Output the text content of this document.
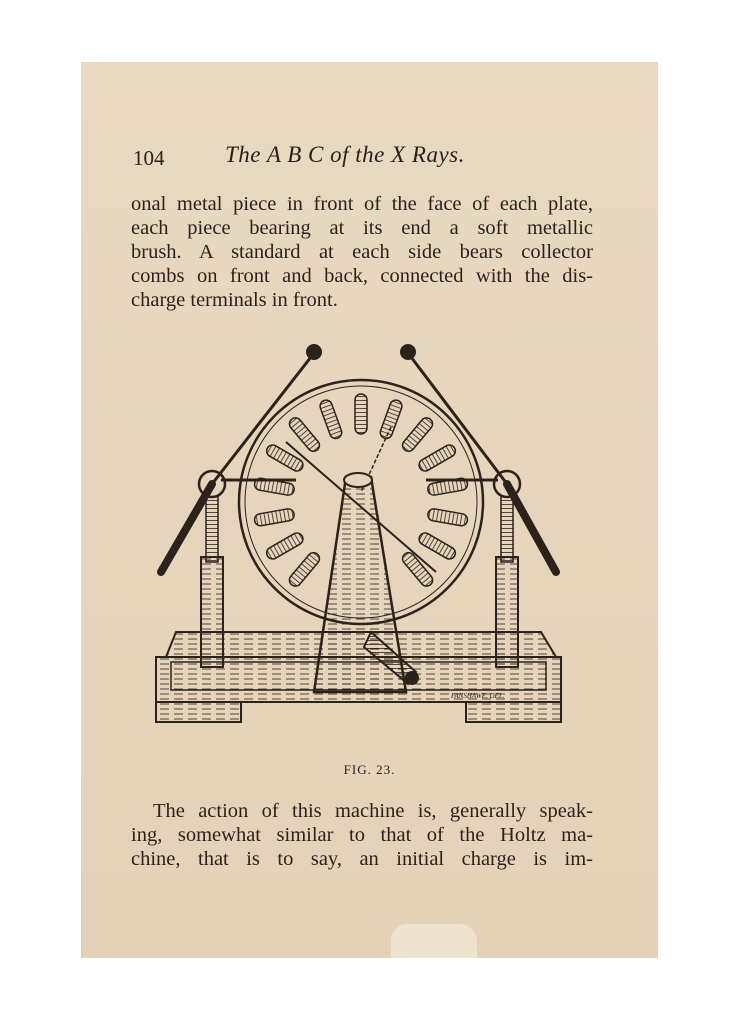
104	The A B C of the X Rays.
onal metal piece in front of the face of each plate,
each piece bearing at its end a soft metallic
brush. A standard at each side bears collector
combs on front and back, connected with the dis-
charge terminals in front.
FANSHAWE, DEL.
FIG. 23.
The action of this machine is, generally speak-
ing, somewhat similar to that of the Holtz ma-
chine, that is to say, an initial charge is im-
